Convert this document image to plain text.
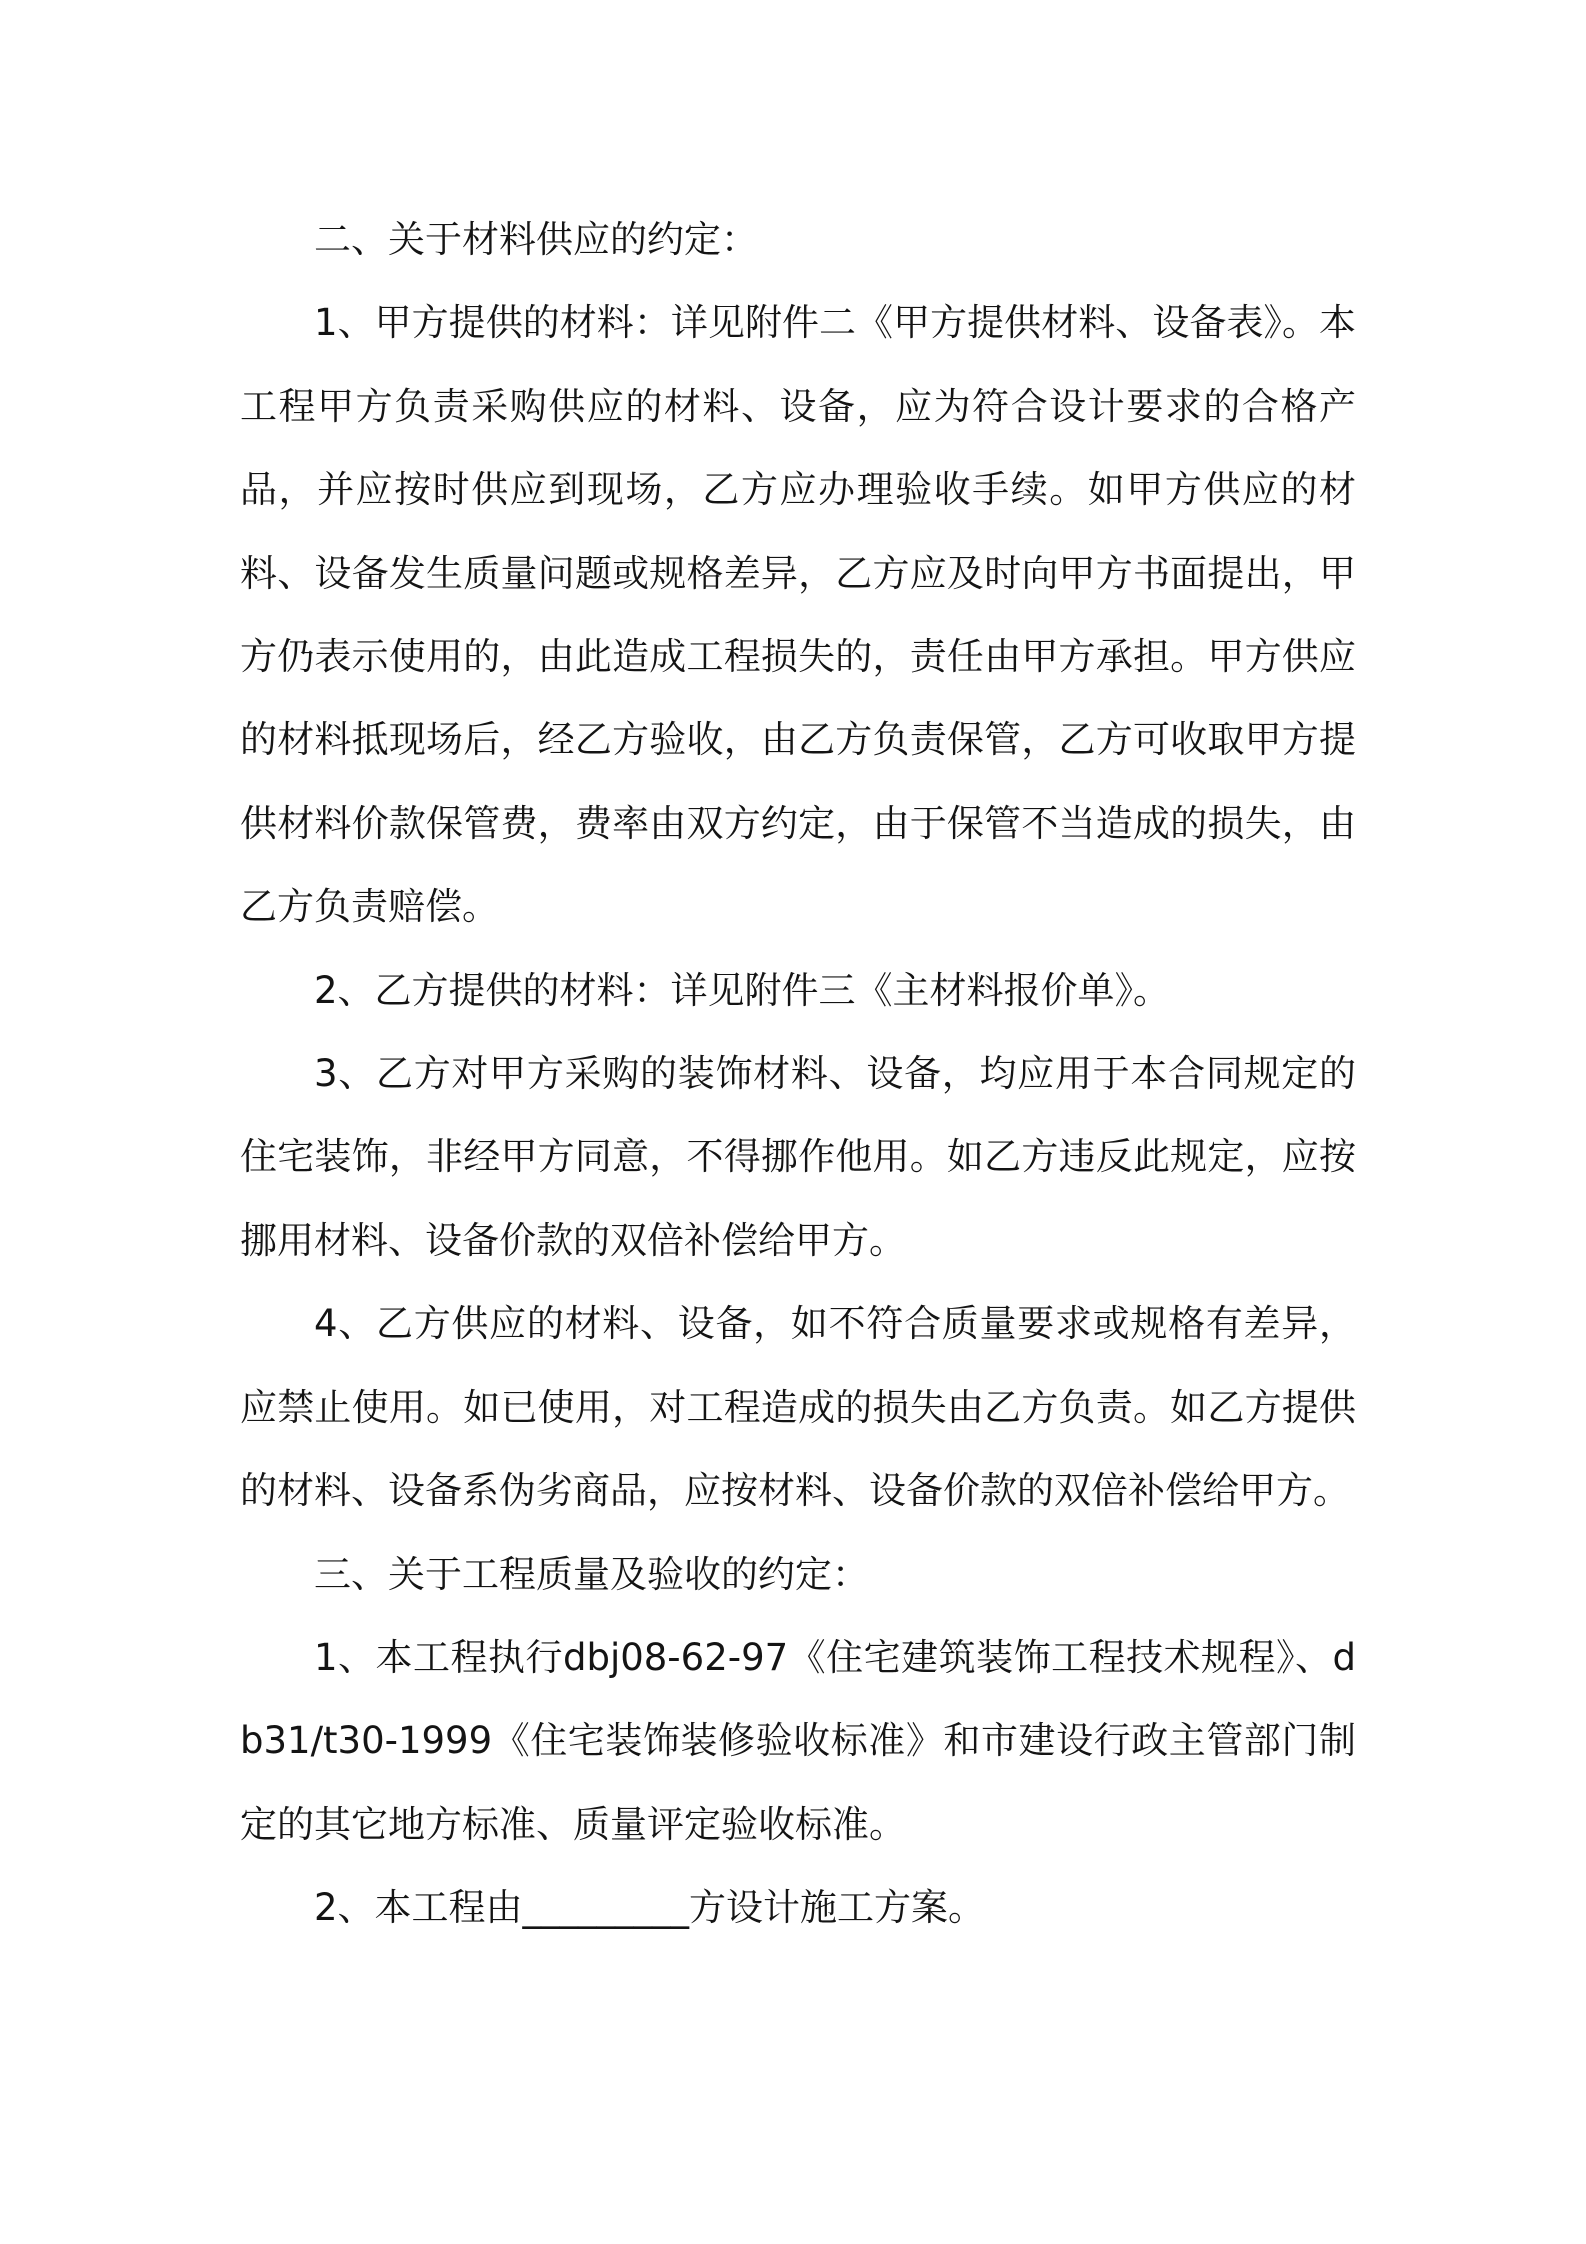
二、关于材料供应的约定：

1、甲方提供的材料：详见附件二《甲方提供材料、设备表》。本工程甲方负责采购供应的材料、设备，应为符合设计要求的合格产品，并应按时供应到现场，乙方应办理验收手续。如甲方供应的材料、设备发生质量问题或规格差异，乙方应及时向甲方书面提出，甲方仍表示使用的，由此造成工程损失的，责任由甲方承担。甲方供应的材料抵现场后，经乙方验收，由乙方负责保管，乙方可收取甲方提供材料价款保管费，费率由双方约定，由于保管不当造成的损失，由乙方负责赔偿。

2、乙方提供的材料：详见附件三《主材料报价单》。

3、乙方对甲方采购的装饰材料、设备，均应用于本合同规定的住宅装饰，非经甲方同意，不得挪作他用。如乙方违反此规定，应按挪用材料、设备价款的双倍补偿给甲方。

4、乙方供应的材料、设备，如不符合质量要求或规格有差异，应禁止使用。如已使用，对工程造成的损失由乙方负责。如乙方提供的材料、设备系伪劣商品，应按材料、设备价款的双倍补偿给甲方。

三、关于工程质量及验收的约定：

1、本工程执行dbj08-62-97《住宅建筑装饰工程技术规程》、db31/t30-1999《住宅装饰装修验收标准》和市建设行政主管部门制定的其它地方标准、质量评定验收标准。

2、本工程由_________方设计施工方案。
